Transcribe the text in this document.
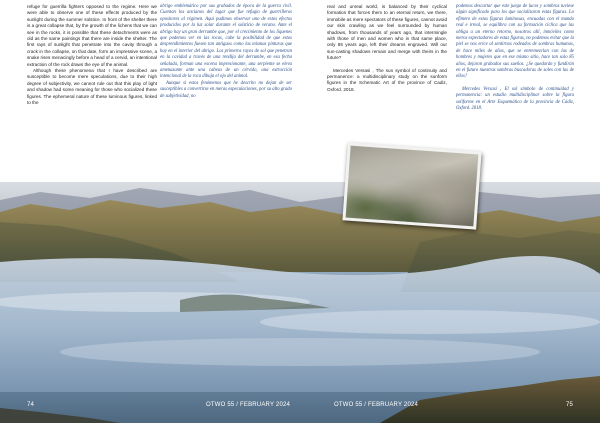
refuge for guerrilla fighters opposed to the regime. Here we were able to observe one of these effects produced by the sunlight during the summer solstice. In front of the shelter there is a great collapse that, by the growth of the lichens that we can see in the rocks, it is possible that these detachments were as old as the same paintings that there are inside the shelter. The first rays of sunlight that penetrate into the cavity through a crack in the collapse, on that date, form an impressive scene, a snake rises menacingly before a head of a cervid, an intentional extraction of the rock draws the eye of the animal.

Although these phenomena that I have described are susceptible to become mere speculations, due to their high degree of subjectivity, we cannot rule out that this play of light and shadow had some meaning for those who socialized these figures. The ephemeral nature of these luminous figures, linked to the

abrigo emblemático por sus grabados de época de la guerra civil. Cuentan los ancianos del lugar que fue refugio de guerrilleros opositores al régimen. Aquí pudimos observar uno de estos efectos producidos por la luz solar durante el solsticio de verano. Ante el abrigo hay un gran derrumbe que, por el crecimiento de los líquenes que podemos ver en las rocas, cabe la posibilidad de que estos desprendimientos fuesen tan antiguos como las mismas pinturas que hay en el interior del abrigo. Los primeros rayos de sol que penetran en la cavidad a través de una rendija del derrumbe, en esa fecha señalada, forman una escena impresionante, una serpiente se eleva amenazante ante una cabeza de un cérvido, una extracción intencional de la roca dibuja el ojo del animal.

Aunque si estos fenómenos que he descrito no dejan de ser susceptibles a convertirse en meras especulaciones, por su alto grado de subjetividad, no

real and unreal world, is balanced by their cyclical formation that forces them to an eternal return, we there, immobile as mere spectators of these figures, cannot avoid our skin crawling as we feel surrounded by human shadows, from thousands of years ago, that intermingle with those of men and women who in that same place, only 85 years ago, left their dreams engraved. Will our sun-casting shadows remain and merge with theirs in the future?

Mercedes Versasi , The sun symbol of continuity and permanence: a multidisciplinary study on the sunform figures in the Schematic Art of the province of Cadiz, Oxford. 2018.

podemos descartar que este juego de luces y sombras tuviese algún significado para los que socializaron estas figuras. Lo efímero de estas figuras luminosas, encuadas con el mundo real e irreal, se equilibra con su formación cíclica que las obliga a un eterno retorno, nosotros allí, inmóviles como meros espectadores de estas figuras, no podemos evitar que la piel se nos erice al sentirnos rodeados de sombras humanas, de hace miles de años, que se entremezclan con las de hombres y mujeres que en ese mismo sitio, hace tan solo 85 años, dejaron grabados sus sueños. ¿Se quedarán y fundirán en el futuro nuestras sombras buscadoras de soles con las de ellos?

Mercedes Versasi , El sol símbolo de continuidad y permanencia: un estudio multidisciplinar sobre la figura soliforme en el Arte Esquemático de la provincia de Cádiz, Oxford. 2018.

74	OTWO 55 / FEBRUARY 2024	OTWO 55 / FEBRUARY 2024	75
